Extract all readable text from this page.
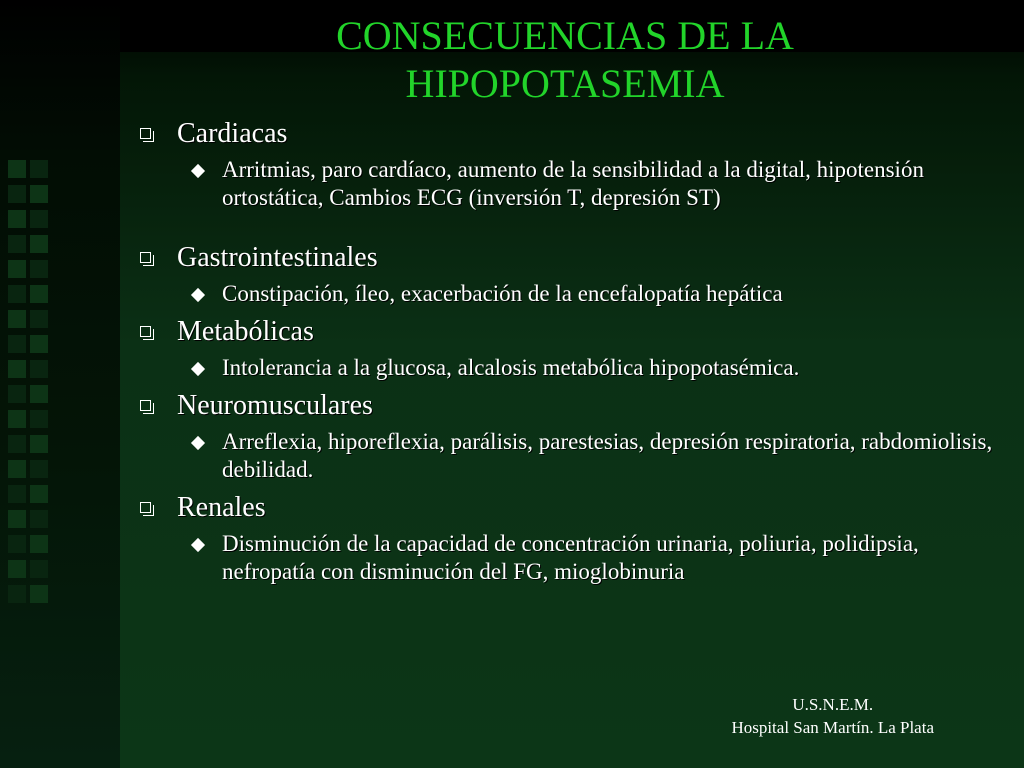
CONSECUENCIAS DE LA
HIPOPOTASEMIA
Cardiacas
Arritmias, paro cardíaco, aumento de la sensibilidad a la digital, hipotensión ortostática, Cambios ECG (inversión T, depresión ST)
Gastrointestinales
Constipación, íleo, exacerbación de la encefalopatía hepática
Metabólicas
Intolerancia a la glucosa, alcalosis metabólica hipopotasémica.
Neuromusculares
Arreflexia, hiporeflexia, parálisis, parestesias, depresión respiratoria, rabdomiolisis, debilidad.
Renales
Disminución de la capacidad de concentración urinaria, poliuria, polidipsia, nefropatía con disminución del FG, mioglobinuria
U.S.N.E.M.
Hospital San Martín. La Plata
